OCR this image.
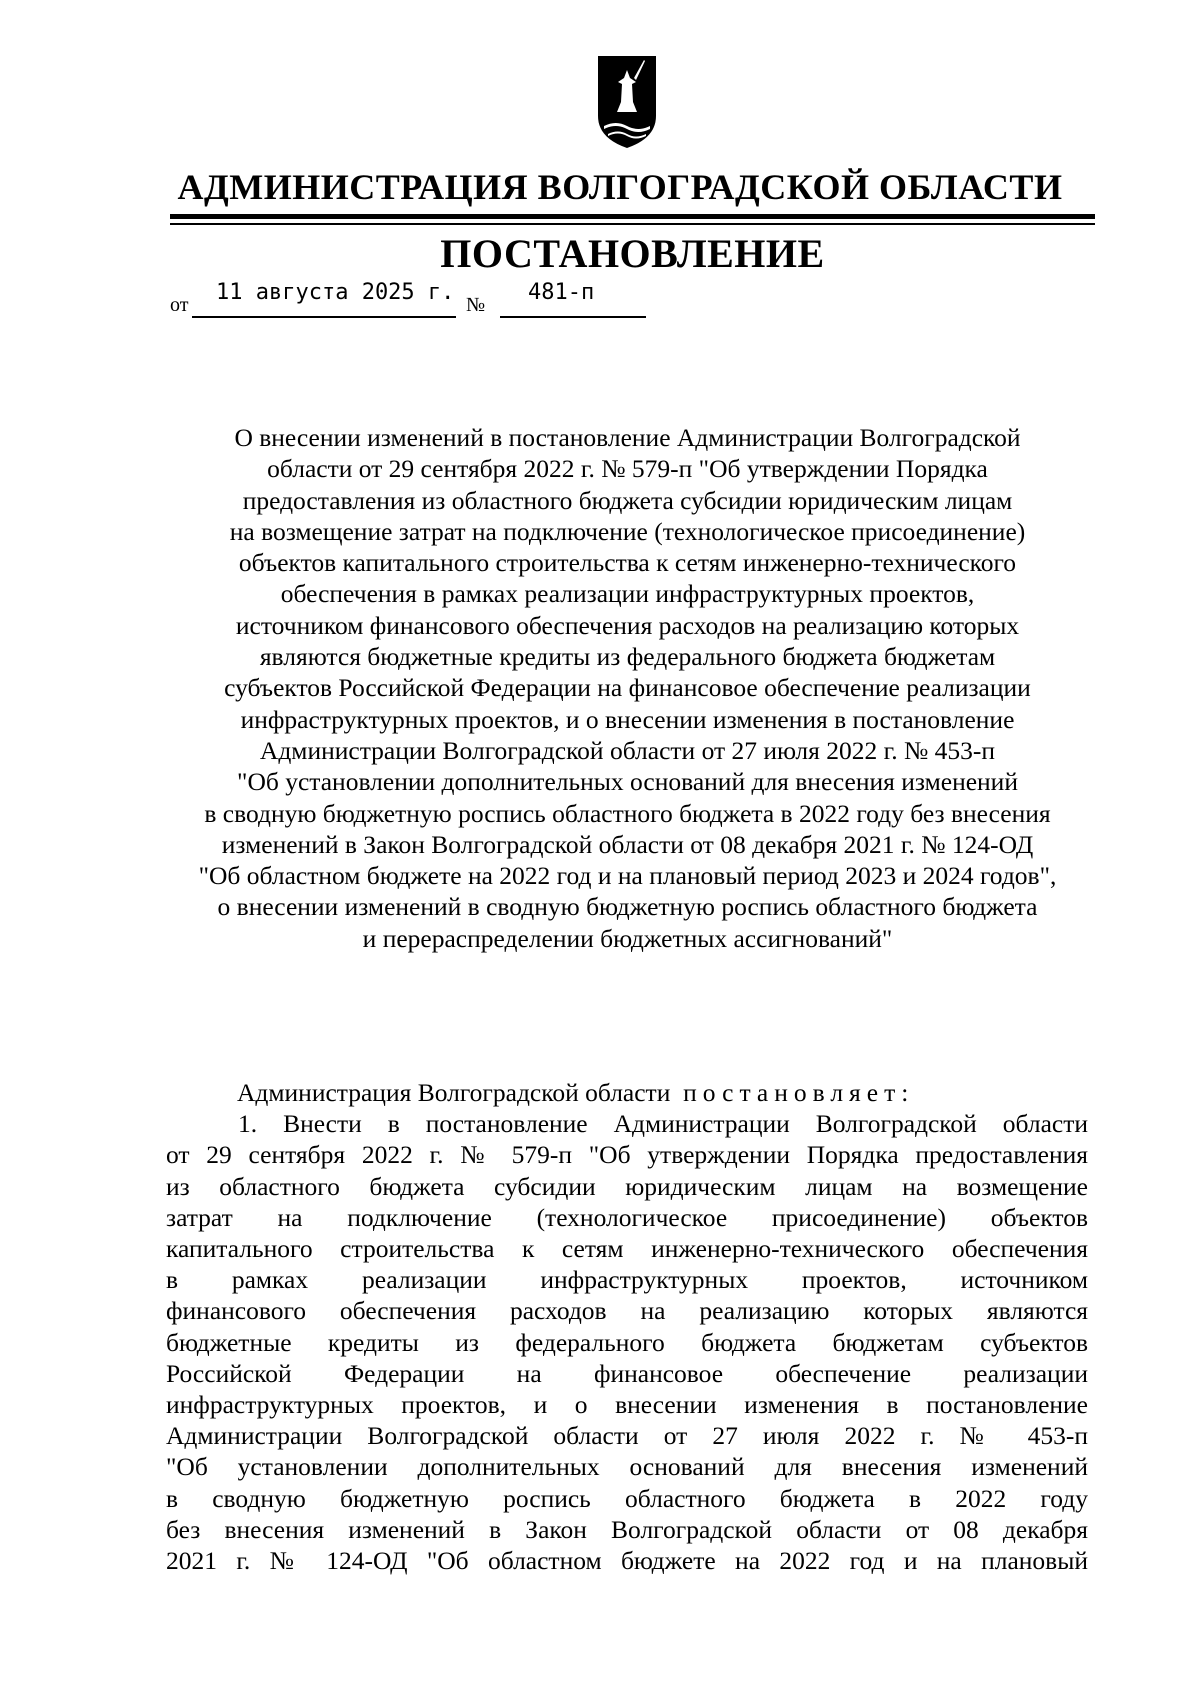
АДМИНИСТРАЦИЯ ВОЛГОГРАДСКОЙ ОБЛАСТИ
ПОСТАНОВЛЕНИЕ
от 11 августа 2025 г. № 481-п
О внесении изменений в постановление Администрации Волгоградской
области от 29 сентября 2022 г. № 579-п "Об утверждении Порядка
предоставления из областного бюджета субсидии юридическим лицам
на возмещение затрат на подключение (технологическое присоединение)
объектов капитального строительства к сетям инженерно-технического
обеспечения в рамках реализации инфраструктурных проектов,
источником финансового обеспечения расходов на реализацию которых
являются бюджетные кредиты из федерального бюджета бюджетам
субъектов Российской Федерации на финансовое обеспечение реализации
инфраструктурных проектов, и о внесении изменения в постановление
Администрации Волгоградской области от 27 июля 2022 г. № 453-п
"Об установлении дополнительных оснований для внесения изменений
в сводную бюджетную роспись областного бюджета в 2022 году без внесения
изменений в Закон Волгоградской области от 08 декабря 2021 г. № 124-ОД
"Об областном бюджете на 2022 год и на плановый период 2023 и 2024 годов",
о внесении изменений в сводную бюджетную роспись областного бюджета
и перераспределении бюджетных ассигнований"
Администрация Волгоградской области постановляет:
1. Внести в постановление Администрации Волгоградской области
от 29 сентября 2022 г. № 579-п "Об утверждении Порядка предоставления
из областного бюджета субсидии юридическим лицам на возмещение
затрат на подключение (технологическое присоединение) объектов
капитального строительства к сетям инженерно-технического обеспечения
в рамках реализации инфраструктурных проектов, источником
финансового обеспечения расходов на реализацию которых являются
бюджетные кредиты из федерального бюджета бюджетам субъектов
Российской Федерации на финансовое обеспечение реализации
инфраструктурных проектов, и о внесении изменения в постановление
Администрации Волгоградской области от 27 июля 2022 г. № 453-п
"Об установлении дополнительных оснований для внесения изменений
в сводную бюджетную роспись областного бюджета в 2022 году
без внесения изменений в Закон Волгоградской области от 08 декабря
2021 г. № 124-ОД "Об областном бюджете на 2022 год и на плановый
